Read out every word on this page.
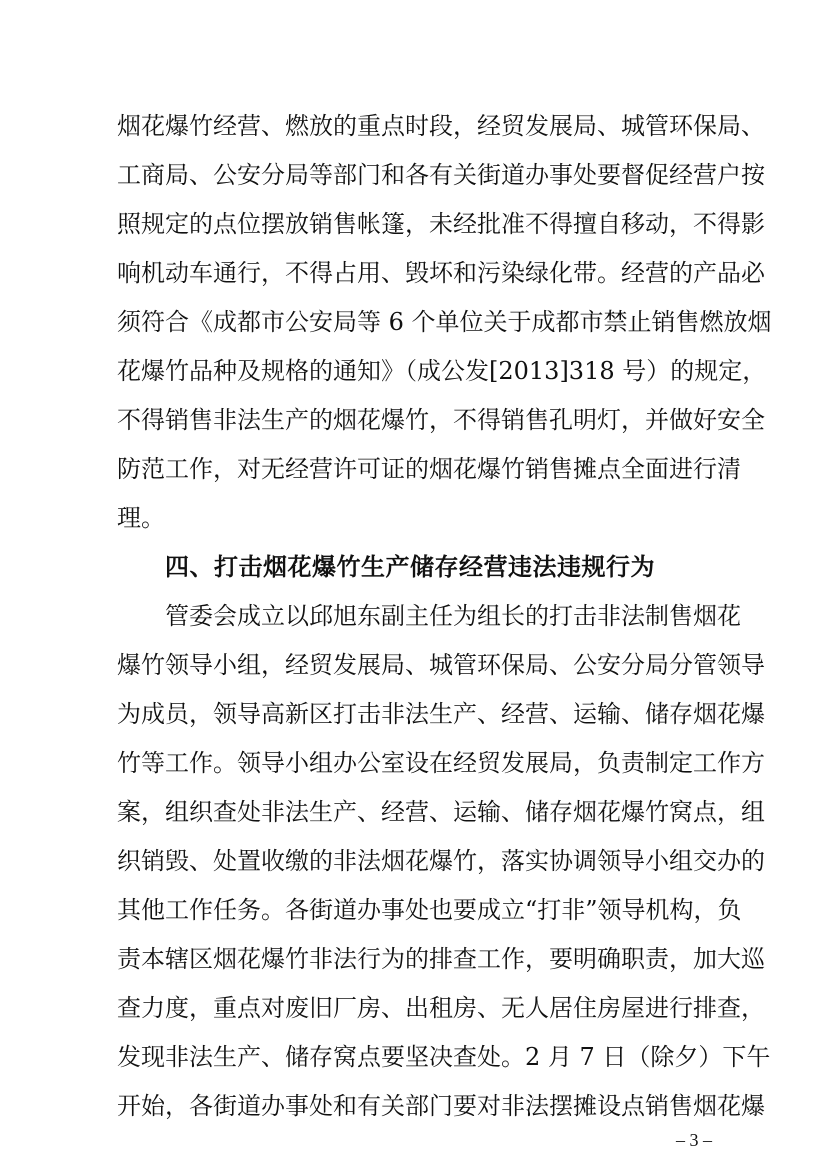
烟花爆竹经营、燃放的重点时段，经贸发展局、城管环保局、
工商局、公安分局等部门和各有关街道办事处要督促经营户按
照规定的点位摆放销售帐篷，未经批准不得擅自移动，不得影
响机动车通行，不得占用、毁坏和污染绿化带。经营的产品必
须符合《成都市公安局等 6 个单位关于成都市禁止销售燃放烟
花爆竹品种及规格的通知》（成公发[2013]318 号）的规定，
不得销售非法生产的烟花爆竹，不得销售孔明灯，并做好安全
防范工作，对无经营许可证的烟花爆竹销售摊点全面进行清
理。
四、打击烟花爆竹生产储存经营违法违规行为
管委会成立以邱旭东副主任为组长的打击非法制售烟花
爆竹领导小组，经贸发展局、城管环保局、公安分局分管领导
为成员，领导高新区打击非法生产、经营、运输、储存烟花爆
竹等工作。领导小组办公室设在经贸发展局，负责制定工作方
案，组织查处非法生产、经营、运输、储存烟花爆竹窝点，组
织销毁、处置收缴的非法烟花爆竹，落实协调领导小组交办的
其他工作任务。各街道办事处也要成立“打非”领导机构，负
责本辖区烟花爆竹非法行为的排查工作，要明确职责，加大巡
查力度，重点对废旧厂房、出租房、无人居住房屋进行排查，
发现非法生产、储存窝点要坚决查处。2 月 7 日（除夕）下午
开始，各街道办事处和有关部门要对非法摆摊设点销售烟花爆
– 3 –
